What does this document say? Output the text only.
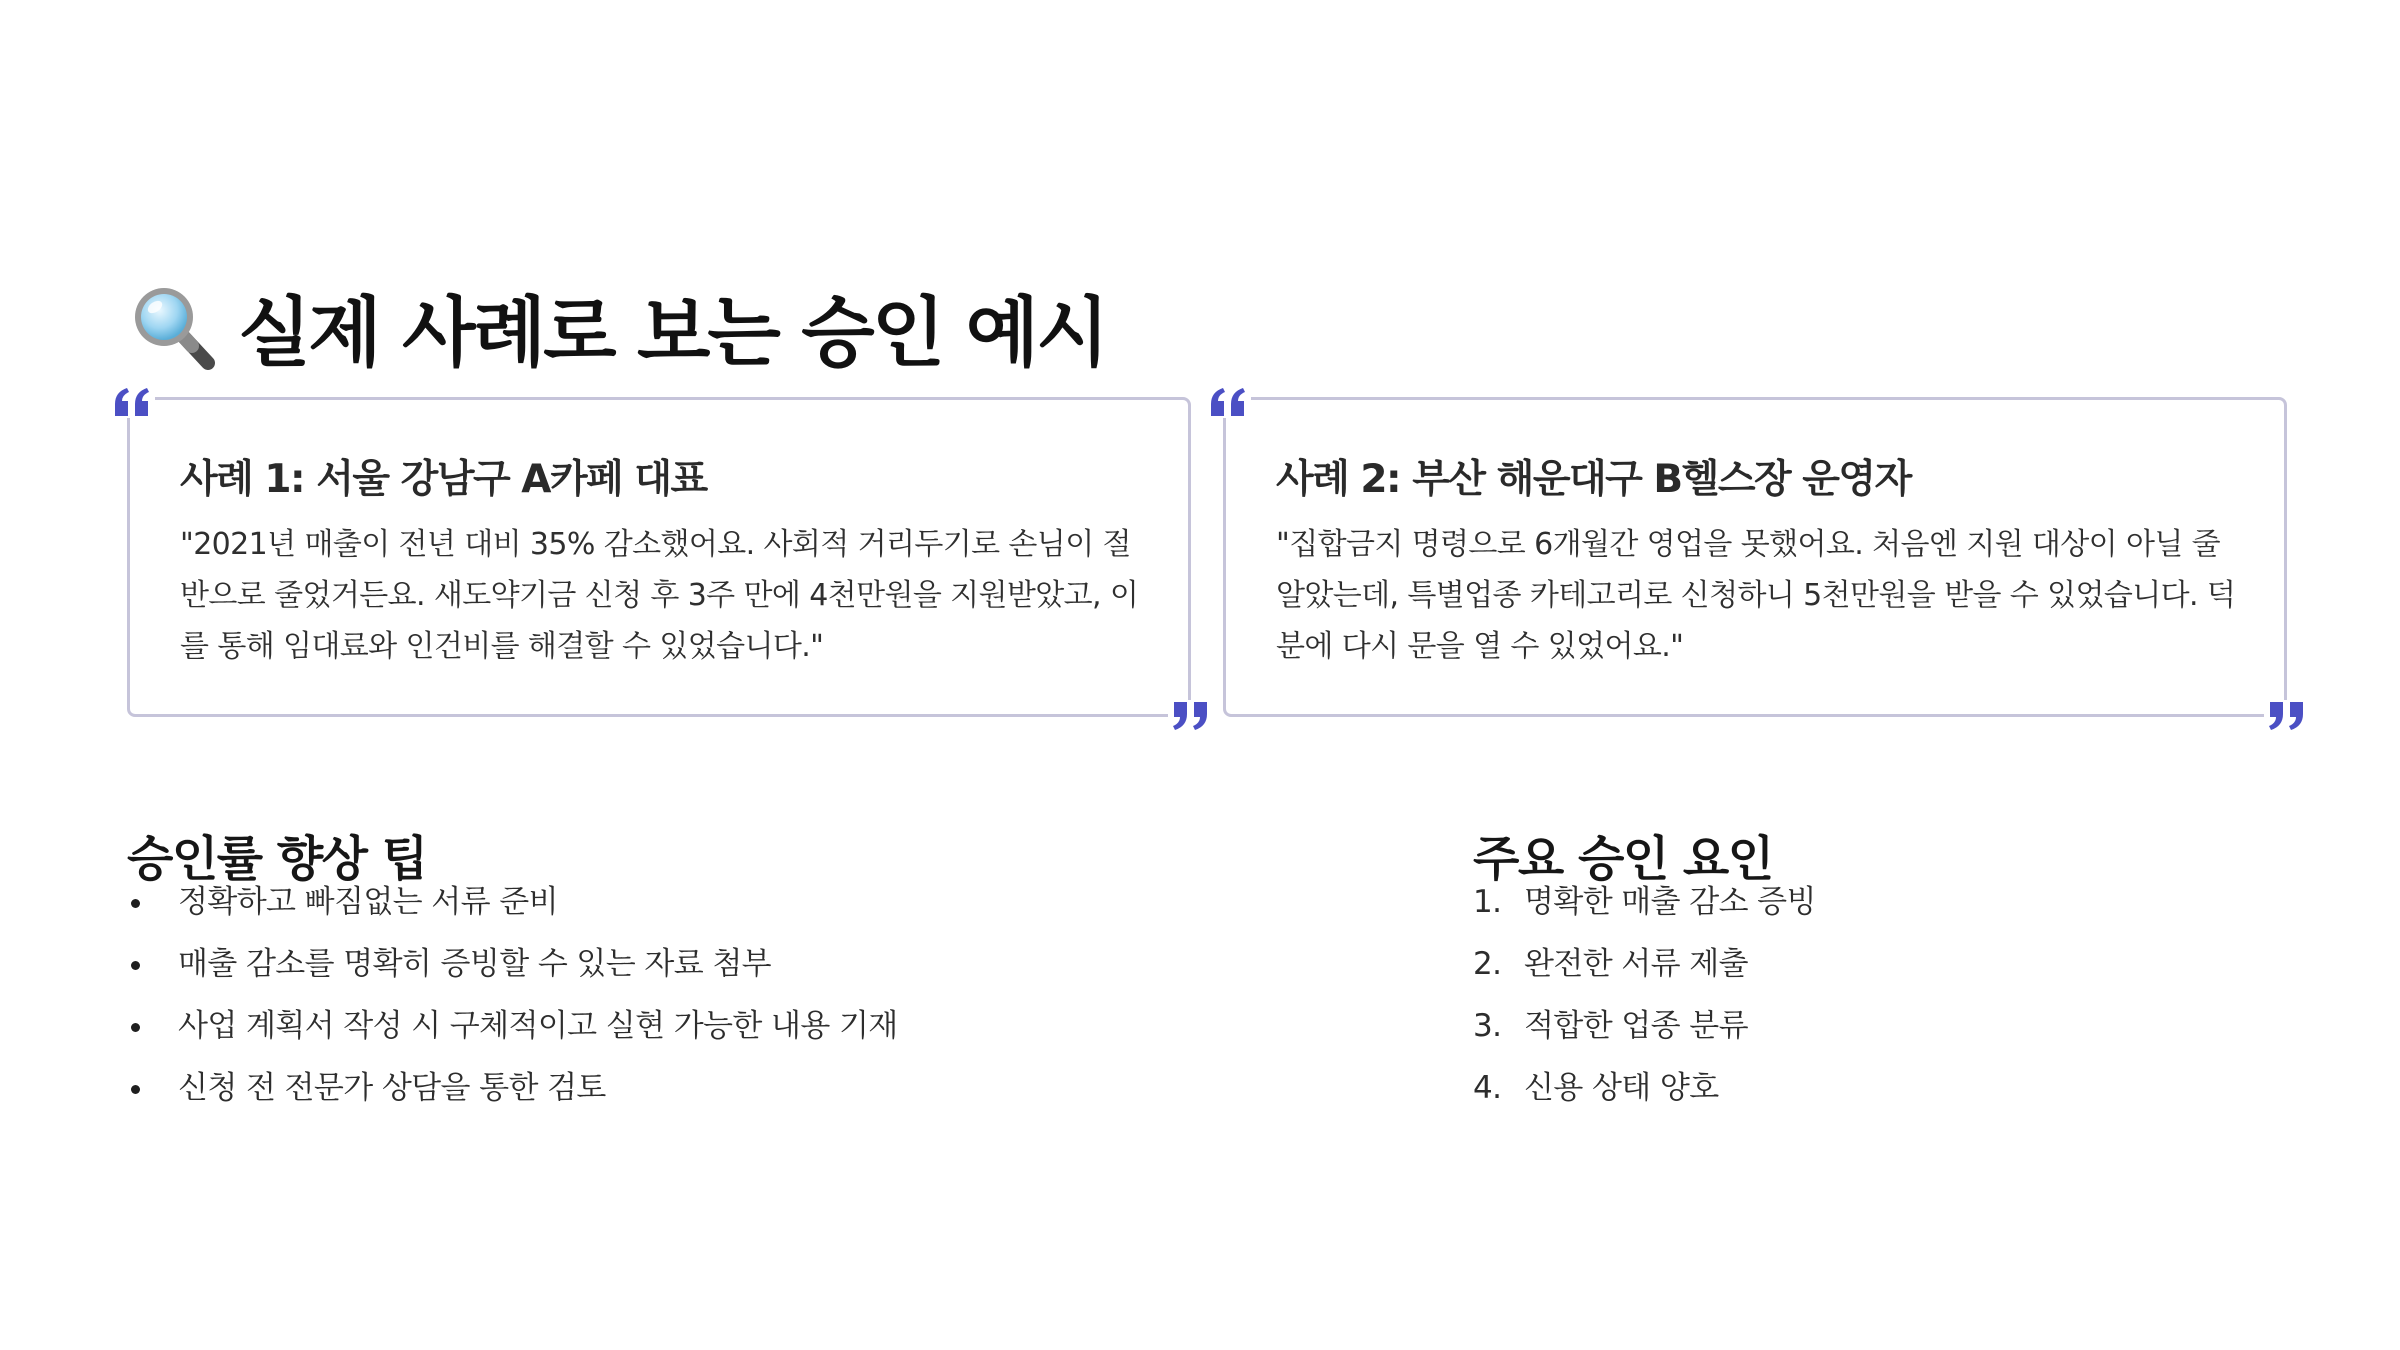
실제 사례로 보는 승인 예시
사례 1: 서울 강남구 A카페 대표
"2021년 매출이 전년 대비 35% 감소했어요. 사회적 거리두기로 손님이 절반으로 줄었거든요. 새도약기금 신청 후 3주 만에 4천만원을 지원받았고, 이를 통해 임대료와 인건비를 해결할 수 있었습니다."
사례 2: 부산 해운대구 B헬스장 운영자
"집합금지 명령으로 6개월간 영업을 못했어요. 처음엔 지원 대상이 아닐 줄 알았는데, 특별업종 카테고리로 신청하니 5천만원을 받을 수 있었습니다. 덕분에 다시 문을 열 수 있었어요."
승인률 향상 팁
정확하고 빠짐없는 서류 준비
매출 감소를 명확히 증빙할 수 있는 자료 첨부
사업 계획서 작성 시 구체적이고 실현 가능한 내용 기재
신청 전 전문가 상담을 통한 검토
주요 승인 요인
1. 명확한 매출 감소 증빙
2. 완전한 서류 제출
3. 적합한 업종 분류
4. 신용 상태 양호
